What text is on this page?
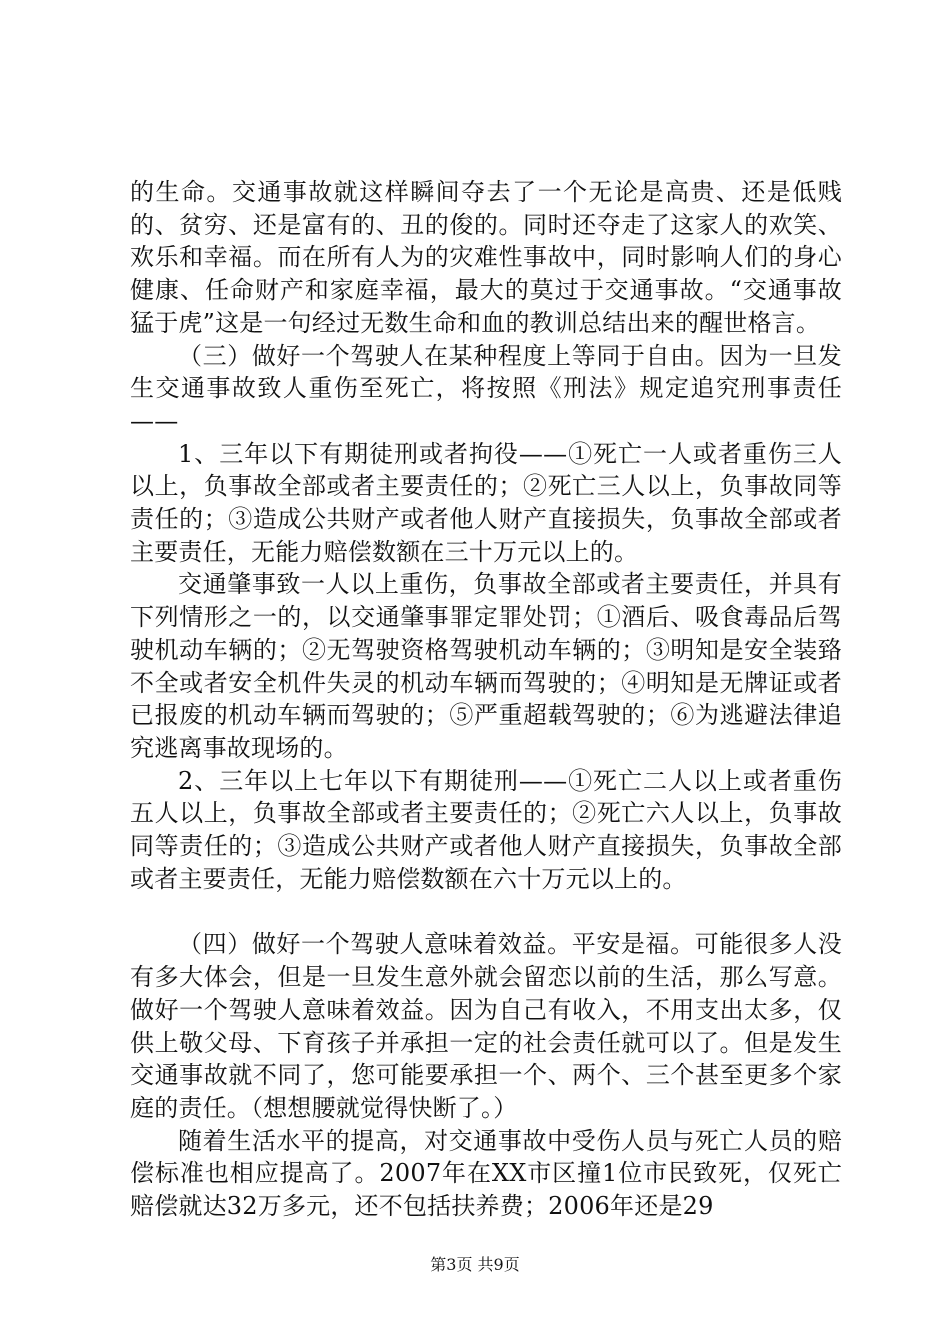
的生命。交通事故就这样瞬间夺去了一个无论是高贵、还是低贱的、贫穷、还是富有的、丑的俊的。同时还夺走了这家人的欢笑、欢乐和幸福。而在所有人为的灾难性事故中，同时影响人们的身心健康、任命财产和家庭幸福，最大的莫过于交通事故。“交通事故猛于虎”这是一句经过无数生命和血的教训总结出来的醒世格言。

（三）做好一个驾驶人在某种程度上等同于自由。因为一旦发生交通事故致人重伤至死亡，将按照《刑法》规定追究刑事责任——

1、三年以下有期徒刑或者拘役——①死亡一人或者重伤三人以上，负事故全部或者主要责任的；②死亡三人以上，负事故同等责任的；③造成公共财产或者他人财产直接损失，负事故全部或者主要责任，无能力赔偿数额在三十万元以上的。

交通肇事致一人以上重伤，负事故全部或者主要责任，并具有下列情形之一的，以交通肇事罪定罪处罚；①酒后、吸食毒品后驾驶机动车辆的；②无驾驶资格驾驶机动车辆的；③明知是安全装臵不全或者安全机件失灵的机动车辆而驾驶的；④明知是无牌证或者已报废的机动车辆而驾驶的；⑤严重超载驾驶的；⑥为逃避法律追究逃离事故现场的。

2、三年以上七年以下有期徒刑——①死亡二人以上或者重伤五人以上，负事故全部或者主要责任的；②死亡六人以上，负事故同等责任的；③造成公共财产或者他人财产直接损失，负事故全部或者主要责任，无能力赔偿数额在六十万元以上的。

（四）做好一个驾驶人意味着效益。平安是福。可能很多人没有多大体会，但是一旦发生意外就会留恋以前的生活，那么写意。做好一个驾驶人意味着效益。因为自己有收入，不用支出太多，仅供上敬父母、下育孩子并承担一定的社会责任就可以了。但是发生交通事故就不同了，您可能要承担一个、两个、三个甚至更多个家庭的责任。（想想腰就觉得快断了。）

随着生活水平的提高，对交通事故中受伤人员与死亡人员的赔偿标准也相应提高了。2007年在XX市区撞1位市民致死，仅死亡赔偿就达32万多元，还不包括扶养费；2006年还是29

第3页 共9页
